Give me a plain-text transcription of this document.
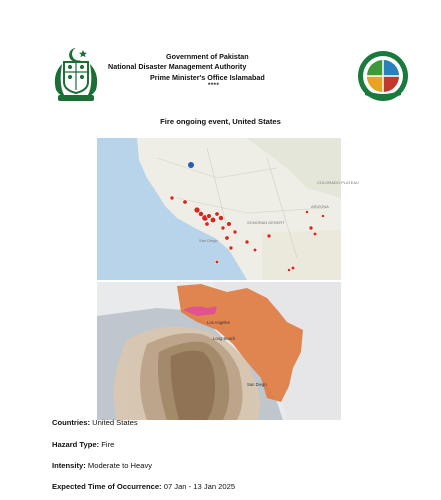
Government of Pakistan
National Disaster Management Authority
Prime Minister's Office Islamabad
****
Fire ongoing event, United States
San Diego
COLORADO PLATEAU
ARIZONA
SONORAN DESERT
Los Angeles
Long Beach
San Diego
Countries: United States
Hazard Type: Fire
Intensity: Moderate to Heavy
Expected Time of Occurrence: 07 Jan - 13 Jan 2025
